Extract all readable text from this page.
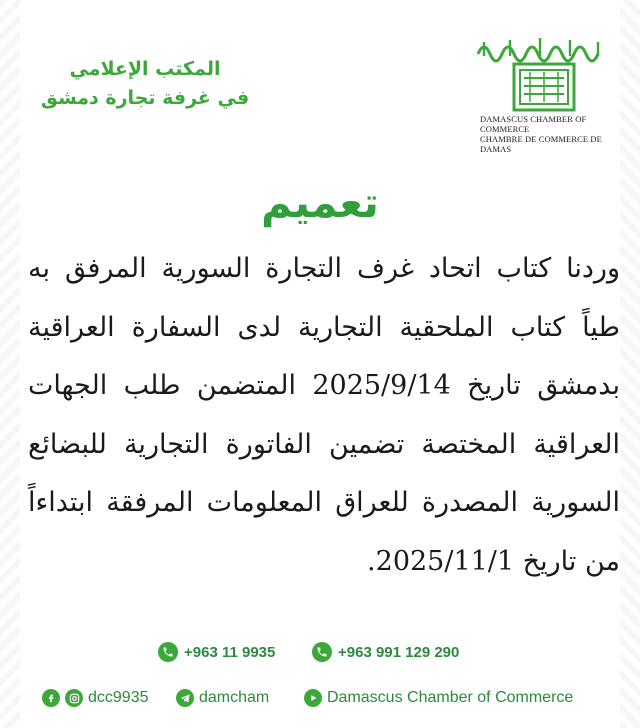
DAMASCUS CHAMBER OF COMMERCE
CHAMBRE DE COMMERCE DE DAMAS
المكتب الإعلامي
في غرفة تجارة دمشق
تعميم

وردنا كتاب اتحاد غرف التجارة السورية المرفق به طياً كتاب الملحقية التجارية لدى السفارة العراقية بدمشق تاريخ 2025/9/14 المتضمن طلب الجهات العراقية المختصة تضمين الفاتورة التجارية للبضائع السورية المصدرة للعراق المعلومات المرفقة ابتداءاً من تاريخ 2025/11/1.

+963 11 9935	+963 991 129 290
dcc9935	damcham	Damascus Chamber of Commerce
